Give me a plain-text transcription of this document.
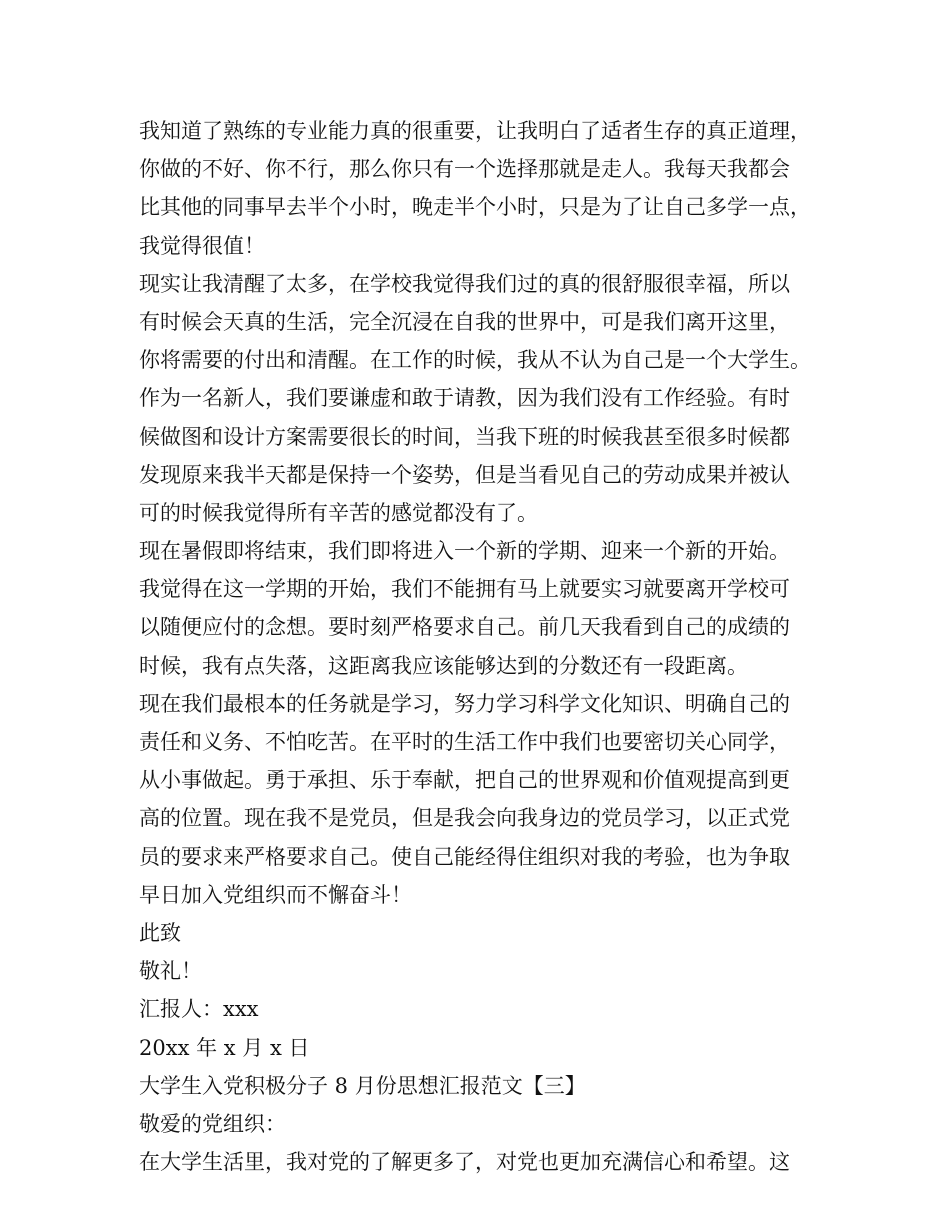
我知道了熟练的专业能力真的很重要，让我明白了适者生存的真正道理，
你做的不好、你不行，那么你只有一个选择那就是走人。我每天我都会
比其他的同事早去半个小时，晚走半个小时，只是为了让自己多学一点，
我觉得很值！
现实让我清醒了太多，在学校我觉得我们过的真的很舒服很幸福，所以
有时候会天真的生活，完全沉浸在自我的世界中，可是我们离开这里，
你将需要的付出和清醒。在工作的时候，我从不认为自己是一个大学生。
作为一名新人，我们要谦虚和敢于请教，因为我们没有工作经验。有时
候做图和设计方案需要很长的时间，当我下班的时候我甚至很多时候都
发现原来我半天都是保持一个姿势，但是当看见自己的劳动成果并被认
可的时候我觉得所有辛苦的感觉都没有了。
现在暑假即将结束，我们即将进入一个新的学期、迎来一个新的开始。
我觉得在这一学期的开始，我们不能拥有马上就要实习就要离开学校可
以随便应付的念想。要时刻严格要求自己。前几天我看到自己的成绩的
时候，我有点失落，这距离我应该能够达到的分数还有一段距离。
现在我们最根本的任务就是学习，努力学习科学文化知识、明确自己的
责任和义务、不怕吃苦。在平时的生活工作中我们也要密切关心同学，
从小事做起。勇于承担、乐于奉献，把自己的世界观和价值观提高到更
高的位置。现在我不是党员，但是我会向我身边的党员学习，以正式党
员的要求来严格要求自己。使自己能经得住组织对我的考验，也为争取
早日加入党组织而不懈奋斗！
此致
敬礼！
汇报人：xxx
20xx 年 x 月 x 日
大学生入党积极分子 8 月份思想汇报范文【三】
敬爱的党组织：
在大学生活里，我对党的了解更多了，对党也更加充满信心和希望。这
